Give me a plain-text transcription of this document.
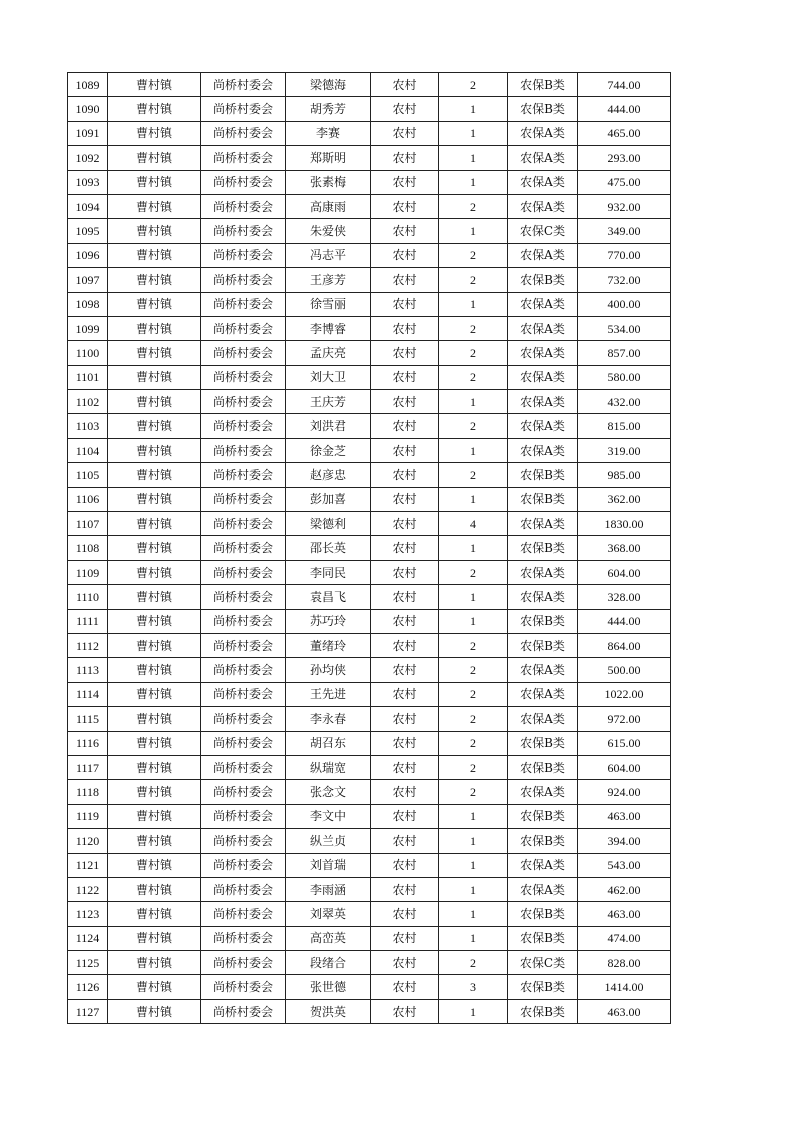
1089	曹村镇	尚桥村委会	梁德海	农村	2	农保B类	744.00
1090	曹村镇	尚桥村委会	胡秀芳	农村	1	农保B类	444.00
1091	曹村镇	尚桥村委会	李赛	农村	1	农保A类	465.00
1092	曹村镇	尚桥村委会	郑斯明	农村	1	农保A类	293.00
1093	曹村镇	尚桥村委会	张素梅	农村	1	农保A类	475.00
1094	曹村镇	尚桥村委会	高康雨	农村	2	农保A类	932.00
1095	曹村镇	尚桥村委会	朱爱侠	农村	1	农保C类	349.00
1096	曹村镇	尚桥村委会	冯志平	农村	2	农保A类	770.00
1097	曹村镇	尚桥村委会	王彦芳	农村	2	农保B类	732.00
1098	曹村镇	尚桥村委会	徐雪丽	农村	1	农保A类	400.00
1099	曹村镇	尚桥村委会	李博睿	农村	2	农保A类	534.00
1100	曹村镇	尚桥村委会	孟庆亮	农村	2	农保A类	857.00
1101	曹村镇	尚桥村委会	刘大卫	农村	2	农保A类	580.00
1102	曹村镇	尚桥村委会	王庆芳	农村	1	农保A类	432.00
1103	曹村镇	尚桥村委会	刘洪君	农村	2	农保A类	815.00
1104	曹村镇	尚桥村委会	徐金芝	农村	1	农保A类	319.00
1105	曹村镇	尚桥村委会	赵彦忠	农村	2	农保B类	985.00
1106	曹村镇	尚桥村委会	彭加喜	农村	1	农保B类	362.00
1107	曹村镇	尚桥村委会	梁德利	农村	4	农保A类	1830.00
1108	曹村镇	尚桥村委会	邵长英	农村	1	农保B类	368.00
1109	曹村镇	尚桥村委会	李同民	农村	2	农保A类	604.00
1110	曹村镇	尚桥村委会	袁昌飞	农村	1	农保A类	328.00
1111	曹村镇	尚桥村委会	苏巧玲	农村	1	农保B类	444.00
1112	曹村镇	尚桥村委会	董绪玲	农村	2	农保B类	864.00
1113	曹村镇	尚桥村委会	孙均侠	农村	2	农保A类	500.00
1114	曹村镇	尚桥村委会	王先进	农村	2	农保A类	1022.00
1115	曹村镇	尚桥村委会	李永春	农村	2	农保A类	972.00
1116	曹村镇	尚桥村委会	胡召东	农村	2	农保B类	615.00
1117	曹村镇	尚桥村委会	纵瑞宽	农村	2	农保B类	604.00
1118	曹村镇	尚桥村委会	张念文	农村	2	农保A类	924.00
1119	曹村镇	尚桥村委会	李文中	农村	1	农保B类	463.00
1120	曹村镇	尚桥村委会	纵兰贞	农村	1	农保B类	394.00
1121	曹村镇	尚桥村委会	刘首瑞	农村	1	农保A类	543.00
1122	曹村镇	尚桥村委会	李雨涵	农村	1	农保A类	462.00
1123	曹村镇	尚桥村委会	刘翠英	农村	1	农保B类	463.00
1124	曹村镇	尚桥村委会	高峦英	农村	1	农保B类	474.00
1125	曹村镇	尚桥村委会	段绪合	农村	2	农保C类	828.00
1126	曹村镇	尚桥村委会	张世德	农村	3	农保B类	1414.00
1127	曹村镇	尚桥村委会	贺洪英	农村	1	农保B类	463.00
